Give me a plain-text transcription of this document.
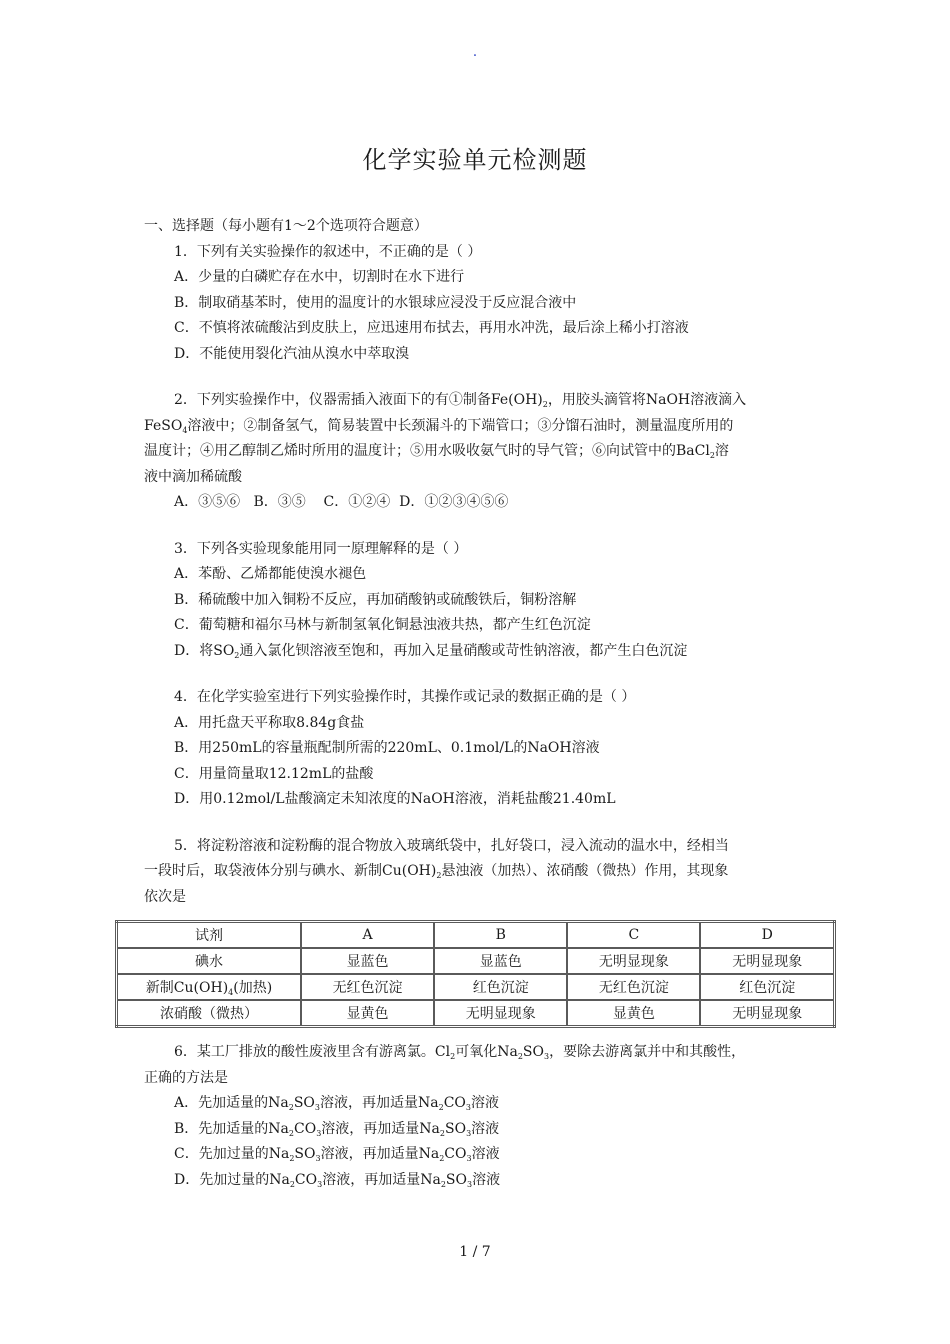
.
化学实验单元检测题
一、选择题（每小题有1～2个选项符合题意）
1．下列有关实验操作的叙述中，不正确的是（ ）
A．少量的白磷贮存在水中，切割时在水下进行
B．制取硝基苯时，使用的温度计的水银球应浸没于反应混合液中
C．不慎将浓硫酸沾到皮肤上，应迅速用布拭去，再用水冲洗，最后涂上稀小打溶液
D．不能使用裂化汽油从溴水中萃取溴
2．下列实验操作中，仪器需插入液面下的有①制备$Fe(OH)_2$，用胶头滴管将NaOH溶液滴入
FeSO$_4$溶液中；②制备氢气，简易装置中长颈漏斗的下端管口；③分馏石油时，测量温度所用的
温度计；④用乙醇制乙烯时所用的温度计；⑤用水吸收氨气时的导气管；⑥向试管中的BaCl$_2$溶
液中滴加稀硫酸
A．③⑤⑥   B．③⑤    C．①②④  D．①②③④⑤⑥
3．下列各实验现象能用同一原理解释的是（ ）
A．苯酚、乙烯都能使溴水褪色
B．稀硫酸中加入铜粉不反应，再加硝酸钠或硫酸铁后，铜粉溶解
C．葡萄糖和福尔马林与新制氢氧化铜悬浊液共热，都产生红色沉淀
D．将$SO_2$通入氯化钡溶液至饱和，再加入足量硝酸或苛性钠溶液，都产生白色沉淀
4．在化学实验室进行下列实验操作时，其操作或记录的数据正确的是（ ）
A．用托盘天平称取8.84g食盐
B．用250mL的容量瓶配制所需的220mL、0.1mol/L的NaOH溶液
C．用量筒量取12.12mL的盐酸
D．用0.12mol/L盐酸滴定未知浓度的NaOH溶液，消耗盐酸21.40mL
5．将淀粉溶液和淀粉酶的混合物放入玻璃纸袋中，扎好袋口，浸入流动的温水中，经相当
一段时后，取袋液体分别与碘水、新制$Cu(OH)_2$悬浊液（加热）、浓硝酸（微热）作用，其现象
依次是
试剂	A	B	C	D
碘水	显蓝色	显蓝色	无明显现象	无明显现象
新制$Cu(OH)_4$(加热)	无红色沉淀	红色沉淀	无红色沉淀	红色沉淀
浓硝酸（微热）	显黄色	无明显现象	显黄色	无明显现象
6．某工厂排放的酸性废液里含有游离氯。$Cl_2$可氧化$Na_2SO_3$，要除去游离氯并中和其酸性，
正确的方法是
A．先加适量的$Na_2SO_3$溶液，再加适量$Na_2CO_3$溶液
B．先加适量的$Na_2CO_3$溶液，再加适量$Na_2SO_3$溶液
C．先加过量的$Na_2SO_3$溶液，再加适量$Na_2CO_3$溶液
D．先加过量的$Na_2CO_3$溶液，再加适量$Na_2SO_3$溶液
1 / 7
